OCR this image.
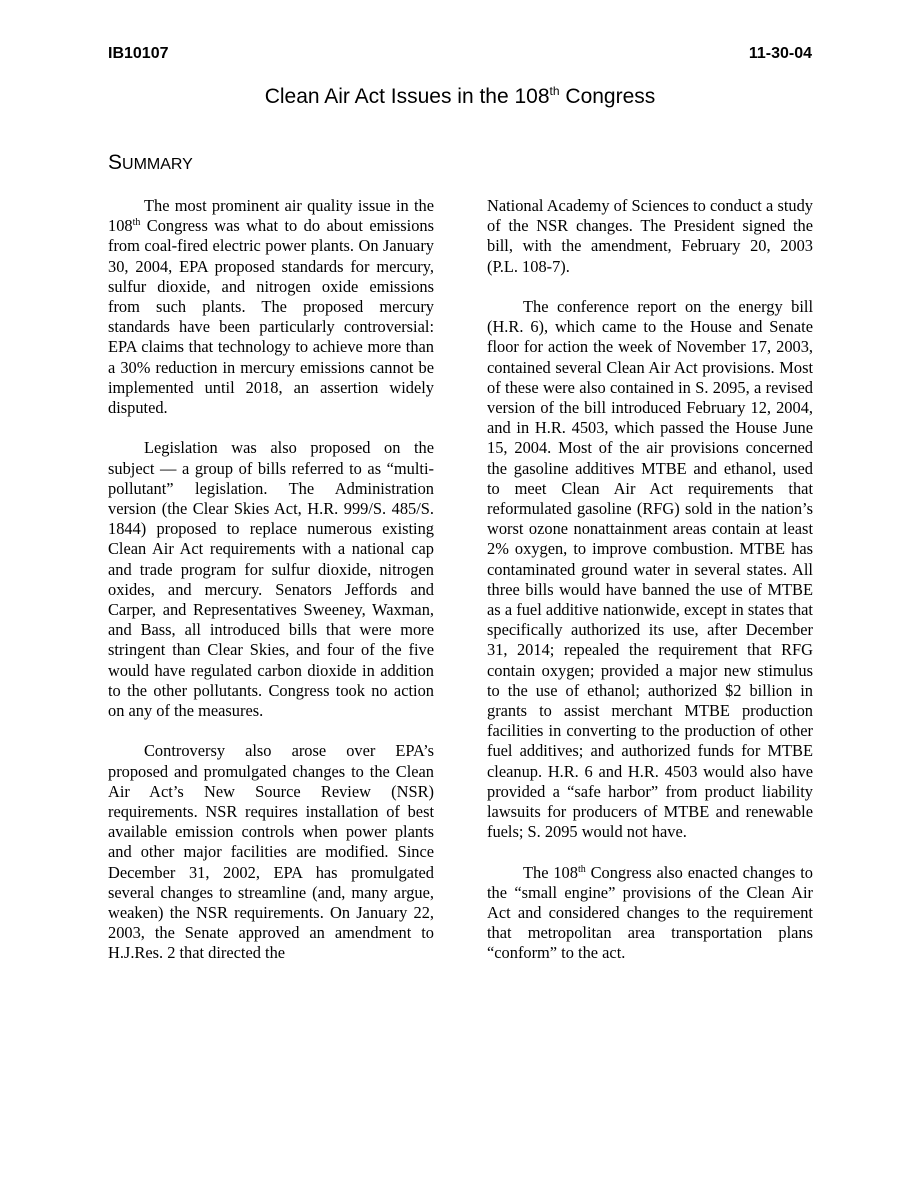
IB10107	11-30-04
Clean Air Act Issues in the 108th Congress
SUMMARY

The most prominent air quality issue in the 108th Congress was what to do about emissions from coal-fired electric power plants. On January 30, 2004, EPA proposed standards for mercury, sulfur dioxide, and nitrogen oxide emissions from such plants. The proposed mercury standards have been particularly controversial: EPA claims that technology to achieve more than a 30% reduction in mercury emissions cannot be implemented until 2018, an assertion widely disputed.

Legislation was also proposed on the subject — a group of bills referred to as “multi-pollutant” legislation. The Administration version (the Clear Skies Act, H.R. 999/S. 485/S. 1844) proposed to replace numerous existing Clean Air Act requirements with a national cap and trade program for sulfur dioxide, nitrogen oxides, and mercury. Senators Jeffords and Carper, and Representatives Sweeney, Waxman, and Bass, all introduced bills that were more stringent than Clear Skies, and four of the five would have regulated carbon dioxide in addition to the other pollutants. Congress took no action on any of the measures.

Controversy also arose over EPA’s proposed and promulgated changes to the Clean Air Act’s New Source Review (NSR) requirements. NSR requires installation of best available emission controls when power plants and other major facilities are modified. Since December 31, 2002, EPA has promulgated several changes to streamline (and, many argue, weaken) the NSR requirements. On January 22, 2003, the Senate approved an amendment to H.J.Res. 2 that directed the

National Academy of Sciences to conduct a study of the NSR changes. The President signed the bill, with the amendment, February 20, 2003 (P.L. 108-7).

The conference report on the energy bill (H.R. 6), which came to the House and Senate floor for action the week of November 17, 2003, contained several Clean Air Act provisions. Most of these were also contained in S. 2095, a revised version of the bill introduced February 12, 2004, and in H.R. 4503, which passed the House June 15, 2004. Most of the air provisions concerned the gasoline additives MTBE and ethanol, used to meet Clean Air Act requirements that reformulated gasoline (RFG) sold in the nation’s worst ozone nonattainment areas contain at least 2% oxygen, to improve combustion. MTBE has contaminated ground water in several states. All three bills would have banned the use of MTBE as a fuel additive nationwide, except in states that specifically authorized its use, after December 31, 2014; repealed the requirement that RFG contain oxygen; provided a major new stimulus to the use of ethanol; authorized $2 billion in grants to assist merchant MTBE production facilities in converting to the production of other fuel additives; and authorized funds for MTBE cleanup. H.R. 6 and H.R. 4503 would also have provided a “safe harbor” from product liability lawsuits for producers of MTBE and renewable fuels; S. 2095 would not have.

The 108th Congress also enacted changes to the “small engine” provisions of the Clean Air Act and considered changes to the requirement that metropolitan area transportation plans “conform” to the act.
